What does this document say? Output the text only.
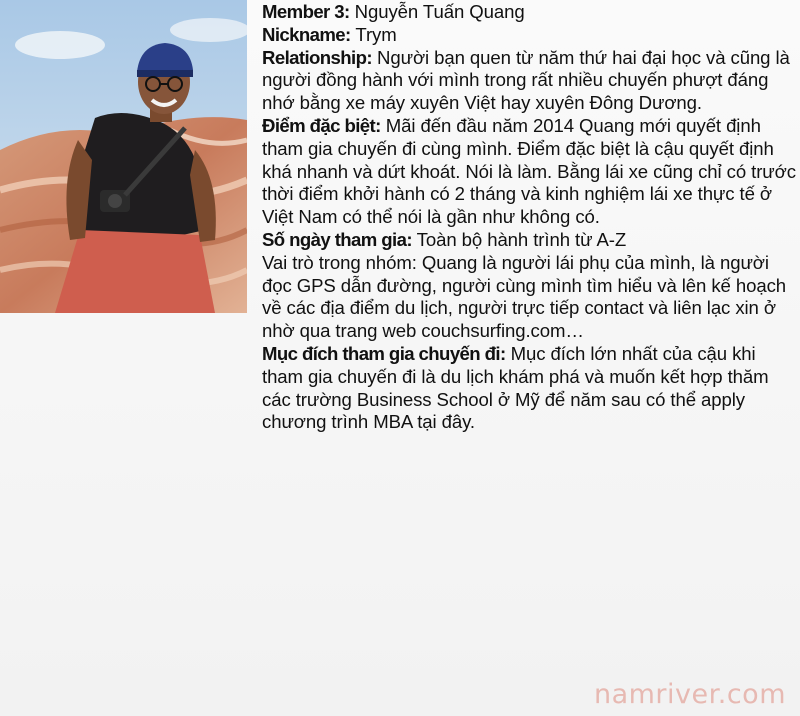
Member 3: Nguyễn Tuấn Quang

Nickname: Trym

Relationship: Người bạn quen từ năm thứ hai đại học và cũng là người đồng hành với mình trong rất nhiều chuyến phượt đáng nhớ bằng xe máy xuyên Việt hay xuyên Đông Dương.

Điểm đặc biệt: Mãi đến đầu năm 2014 Quang mới quyết định tham gia chuyến đi cùng mình. Điểm đặc biệt là cậu quyết định khá nhanh và dứt khoát. Nói là làm. Bằng lái xe cũng chỉ có trước thời điểm khởi hành có 2 tháng và kinh nghiệm lái xe thực tế ở Việt Nam có thể nói là gần như không có.

Số ngày tham gia: Toàn bộ hành trình từ A-Z

Vai trò trong nhóm: Quang là người lái phụ của mình, là người đọc GPS dẫn đường, người cùng mình tìm hiểu và lên kế hoạch về các địa điểm du lịch, người trực tiếp contact và liên lạc xin ở nhờ qua trang web couchsurfing.com…

Mục đích tham gia chuyến đi: Mục đích lớn nhất của cậu khi tham gia chuyến đi là du lịch khám phá và muốn kết hợp thăm các trường Business School ở Mỹ để năm sau có thể apply chương trình MBA tại đây.

namriver.com
